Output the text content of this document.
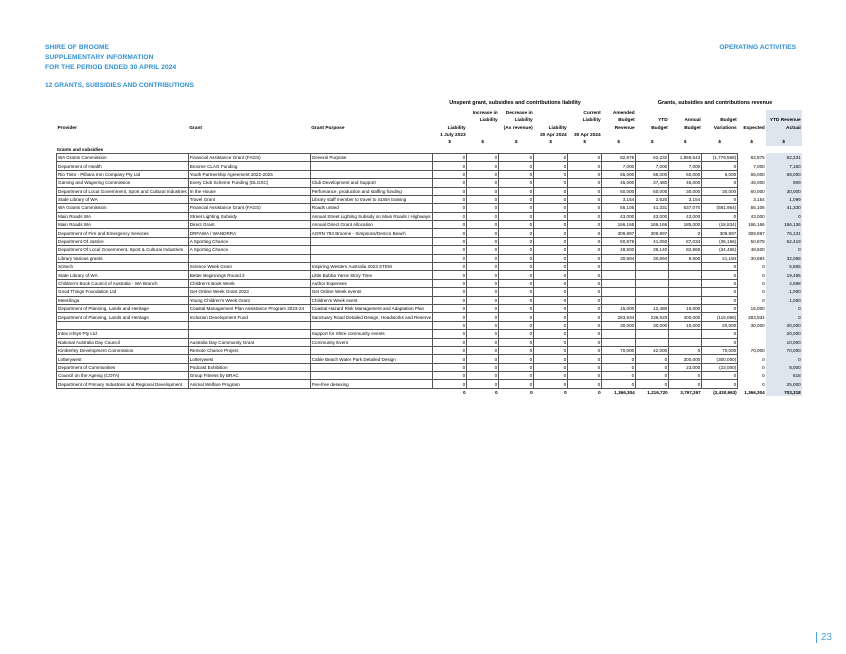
SHIRE OF BROOME
SUPPLEMENTARY INFORMATION
FOR THE PERIOD ENDED 30 APRIL 2024
OPERATING ACTIVITIES
12 GRANTS, SUBSIDIES AND CONTRIBUTIONS
Unspent grant, subsidies and contributions liability	Grants, subsidies and contributions revenue
				Increase in	Decrease in		Current	Amended					
				Liability	Liability		Liability	Budget	YTD	Annual	Budget		YTD Revenue
Provider	Grant	Grant Purpose	Liability		(As revenue)	Liability		Revenue	Budget	Budget	Variations	Expected	Actual
			1 July 2023			30 Apr 2024	30 Apr 2024						
			$	$	$	$	$	$	$	$	$	$	$
Grants and subsidies													
WA Grants Commission	Financial Assistance Grant (FAGS)	General Purpose	0	0	0	0	0	82,975	62,232	1,859,543	(1,776,568)	82,975	62,231
Department of Health	Broome CLAG Funding		0	0	0	0	0	7,000	7,000	7,000	0	7,000	7,160
Rio Tinto - Pilbara Iron Company Pty Ltd	Youth Partnership Agreement 2022-2025		0	0	0	0	0	65,000	65,000	60,000	5,000	65,000	68,000
Gaming and Wagering Commission	Every Club Scheme Funding (DLGSC)	Club Development and Support	0	0	0	0	0	45,000	37,480	45,000	0	45,000	909
Department of Local Government, Sport and Cultural Industries	In the House	Perfomance, production and staffing funding	0	0	0	0	0	60,000	50,000	30,000	30,000	60,000	30,000
State Library of WA	Travel Grant	Library staff member to travel to SLWA training	0	0	0	0	0	3,154	2,620	3,154	0	3,154	1,099
WA Grants Commission	Financial Assistance Grant (FAGS)	Roads untied	0	0	0	0	0	55,106	41,331	637,070	(581,964)	55,106	41,330
Main Roads WA	Street Lighting Subsidy	Annual Street Lighting Subsidy on Main Roads / Highways	0	0	0	0	0	43,000	43,000	43,000	0	43,000	0
Main Roads WA	Direct Grant	Annual Direct Grant Allocation	0	0	0	0	0	166,166	166,166	185,000	(18,834)	166,166	166,136
Department of Fire and Emergency Services	DRFAWA / WANDRRA	AGRN 793 Broome - Simpsons/Demco Beach	0	0	0	0	0	309,897	309,897	0	309,897	309,897	76,131
Department Of Justice	A Sporting Chance		0	0	0	0	0	50,878	41,060	87,034	(36,156)	50,878	62,419
Department Of Local Government, Sport & Cultural Industries	A Sporting Chance		0	0	0	0	0	48,500	39,140	82,966	(34,466)	48,500	0
Library Various grants			0	0	0	0	0	30,694	30,694	9,500	21,194	30,694	32,068
Scitech	Science Week Grant	Inspiring Western Australia 2023 STEM	0	0	0	0	0				0	0	5,865
State Library of WA	Better Beginnings Round 3	Little Bubba Yarns Story Time	0	0	0	0	0				0	0	19,495
Children's Book Council of Australia - WA Branch	Children's Book Week	Author Expenses	0	0	0	0	0				0	0	4,698
Good Things Foundation Ltd	Get Online Week Grant 2023	Get Online Week events	0	0	0	0	0				0	0	1,000
Meerilinga	Young Children's Week Grant	Children's Week event	0	0	0	0	0				0	0	1,000
Department of Planning, Lands and Heritage	Coastal Management Plan Assistance Program 2023-24	Coastal Hazard Risk Management and Adaptation Plan	0	0	0	0	0	15,000	12,480	15,000	0	15,000	0
Department of Planning, Lands and Heritage	Inclusion Development Fund	Sanctuary Road Detailed Design, Headworks and Reserve	0	0	0	0	0	283,934	236,620	400,000	(116,066)	283,934	0
			0	0	0	0	0	30,000	30,000	10,000	20,000	30,000	30,000
Intex Ichtys Pty Ltd		Support for Shire community events	0	0	0	0	0				0		20,000
National Australia Day Council	Australia Day Community Grant	Community Event	0	0	0	0	0				0		10,000
Kimberley Development Commission	Remote Chance Project		0	0	0	0	0	70,000	42,000	0	70,000	70,000	70,000
Lotterywest	Lotterywest	Cable Beach Water Park Detailed Design	0	0	0	0	0	0	0	300,000	(300,000)	0	0
Department of Communities	Podcast Exhibition		0	0	0	0	0	0	0	23,000	(23,000)	0	8,000
Council on the Ageing (COTA)	Group Fitness by BRAC		0	0	0	0	0	0	0	0	0	0	818
Department of Primary Industries and Regional Development	Animal Welfare Program	Fee-free desexing	0	0	0	0	0	0	0	0	0	0	25,000
			0	0	0	0	0	1,366,304	1,216,720	3,797,267	(2,430,963)	1,366,304	703,318
23
